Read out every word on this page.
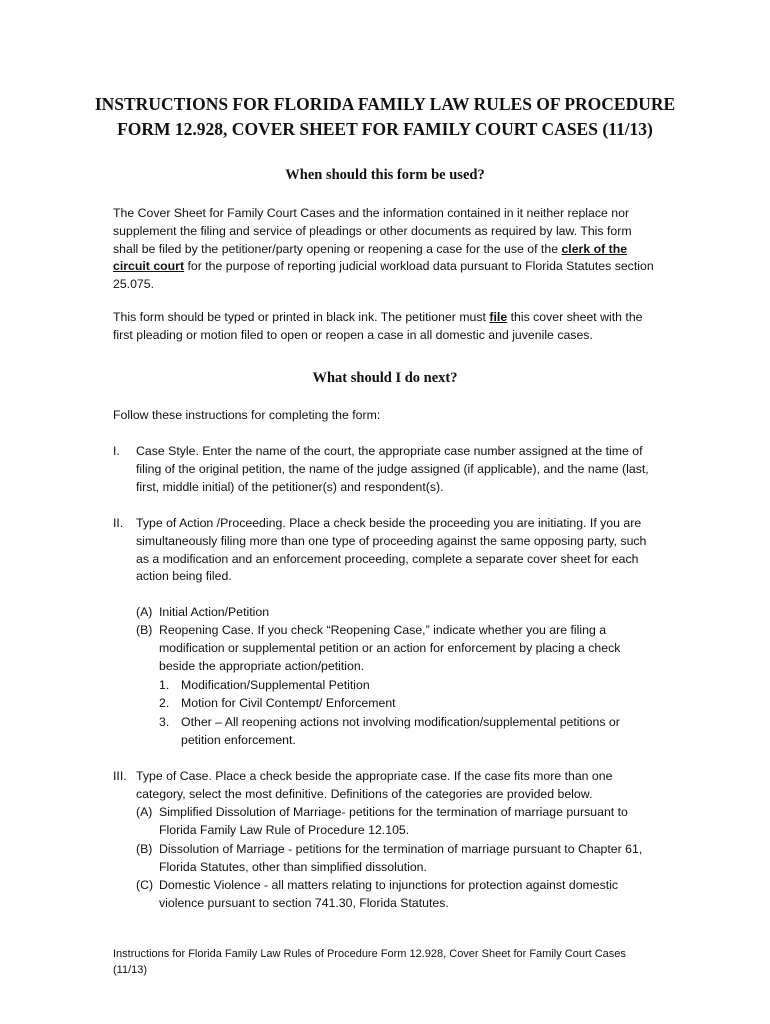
INSTRUCTIONS FOR FLORIDA FAMILY LAW RULES OF PROCEDURE
FORM 12.928, COVER SHEET FOR FAMILY COURT CASES (11/13)
When should this form be used?
The Cover Sheet for Family Court Cases and the information contained in it neither replace nor supplement the filing and service of pleadings or other documents as required by law. This form shall be filed by the petitioner/party opening or reopening a case for the use of the clerk of the circuit court for the purpose of reporting judicial workload data pursuant to Florida Statutes section 25.075.
This form should be typed or printed in black ink. The petitioner must file this cover sheet with the first pleading or motion filed to open or reopen a case in all domestic and juvenile cases.
What should I do next?
Follow these instructions for completing the form:
I. Case Style. Enter the name of the court, the appropriate case number assigned at the time of filing of the original petition, the name of the judge assigned (if applicable), and the name (last, first, middle initial) of the petitioner(s) and respondent(s).
II. Type of Action /Proceeding. Place a check beside the proceeding you are initiating. If you are simultaneously filing more than one type of proceeding against the same opposing party, such as a modification and an enforcement proceeding, complete a separate cover sheet for each action being filed.
(A) Initial Action/Petition
(B) Reopening Case. If you check “Reopening Case,” indicate whether you are filing a modification or supplemental petition or an action for enforcement by placing a check beside the appropriate action/petition.
1. Modification/Supplemental Petition
2. Motion for Civil Contempt/ Enforcement
3. Other – All reopening actions not involving modification/supplemental petitions or petition enforcement.
III. Type of Case. Place a check beside the appropriate case. If the case fits more than one category, select the most definitive. Definitions of the categories are provided below.
(A) Simplified Dissolution of Marriage- petitions for the termination of marriage pursuant to Florida Family Law Rule of Procedure 12.105.
(B) Dissolution of Marriage - petitions for the termination of marriage pursuant to Chapter 61, Florida Statutes, other than simplified dissolution.
(C) Domestic Violence - all matters relating to injunctions for protection against domestic violence pursuant to section 741.30, Florida Statutes.
Instructions for Florida Family Law Rules of Procedure Form 12.928, Cover Sheet for Family Court Cases (11/13)
